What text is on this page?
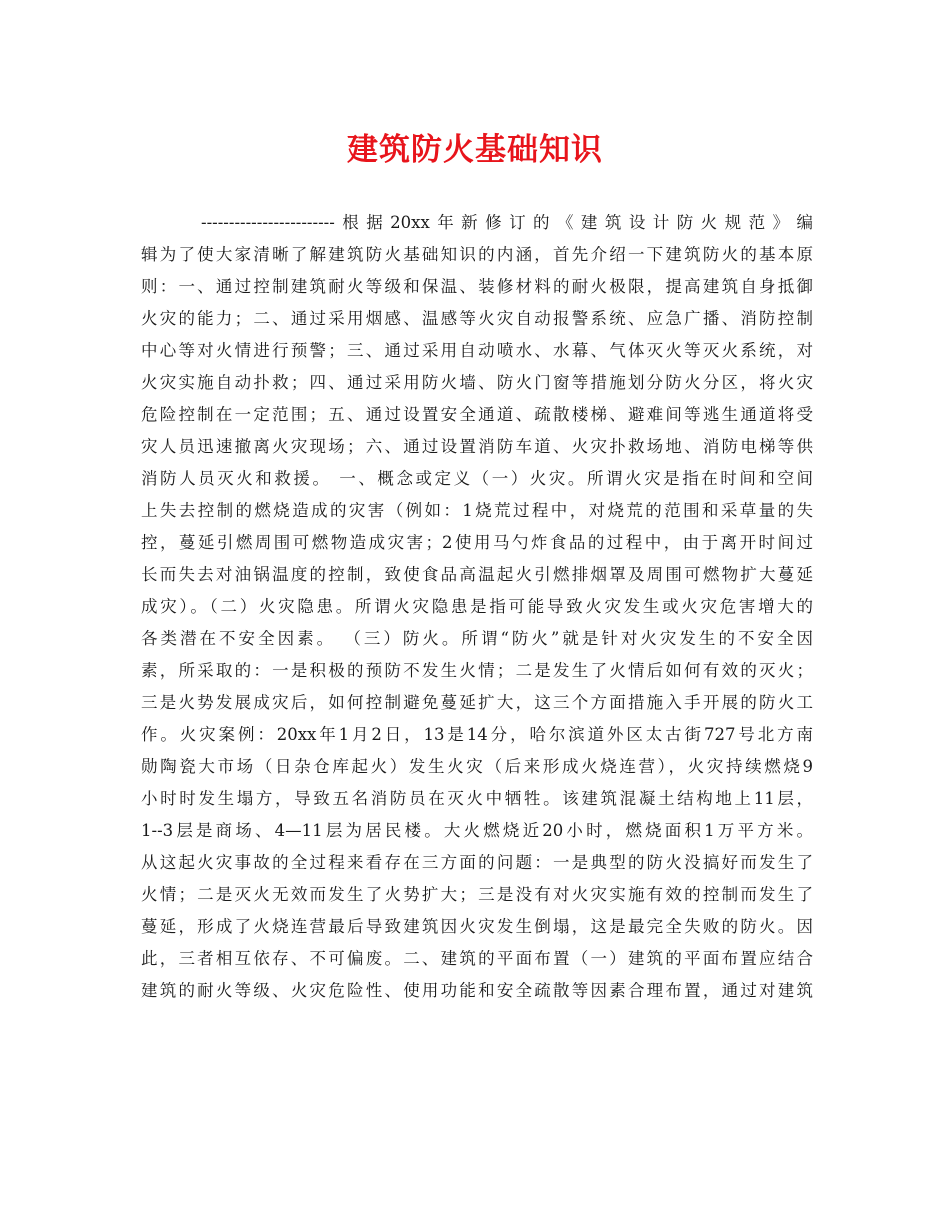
建筑防火基础知识
------------------------根据20xx年新修订的《建筑设计防火规范》编
辑为了使大家清晰了解建筑防火基础知识的内涵，首先介绍一下建筑防火的基本原
则：一、通过控制建筑耐火等级和保温、装修材料的耐火极限，提高建筑自身抵御
火灾的能力；二、通过采用烟感、温感等火灾自动报警系统、应急广播、消防控制
中心等对火情进行预警；三、通过采用自动喷水、水幕、气体灭火等灭火系统，对
火灾实施自动扑救；四、通过采用防火墙、防火门窗等措施划分防火分区，将火灾
危险控制在一定范围；五、通过设置安全通道、疏散楼梯、避难间等逃生通道将受
灾人员迅速撤离火灾现场；六、通过设置消防车道、火灾扑救场地、消防电梯等供
消防人员灭火和救援。 一、概念或定义（一）火灾。所谓火灾是指在时间和空间
上失去控制的燃烧造成的灾害（例如：1烧荒过程中，对烧荒的范围和采草量的失
控，蔓延引燃周围可燃物造成灾害；2使用马勺炸食品的过程中，由于离开时间过
长而失去对油锅温度的控制，致使食品高温起火引燃排烟罩及周围可燃物扩大蔓延
成灾）。（二）火灾隐患。所谓火灾隐患是指可能导致火灾发生或火灾危害增大的
各类潜在不安全因素。 （三）防火。所谓“防火”就是针对火灾发生的不安全因
素，所采取的：一是积极的预防不发生火情；二是发生了火情后如何有效的灭火；
三是火势发展成灾后，如何控制避免蔓延扩大，这三个方面措施入手开展的防火工
作。火灾案例：20xx年1月2日，13是14分，哈尔滨道外区太古街727号北方南
勋陶瓷大市场（日杂仓库起火）发生火灾（后来形成火烧连营），火灾持续燃烧9
小时时发生塌方，导致五名消防员在灭火中牺牲。该建筑混凝土结构地上11层，
1--3层是商场、4—11层为居民楼。大火燃烧近20小时，燃烧面积1万平方米。
从这起火灾事故的全过程来看存在三方面的问题：一是典型的防火没搞好而发生了
火情；二是灭火无效而发生了火势扩大；三是没有对火灾实施有效的控制而发生了
蔓延，形成了火烧连营最后导致建筑因火灾发生倒塌，这是最完全失败的防火。因
此，三者相互依存、不可偏废。二、建筑的平面布置（一）建筑的平面布置应结合
建筑的耐火等级、火灾危险性、使用功能和安全疏散等因素合理布置，通过对建筑
